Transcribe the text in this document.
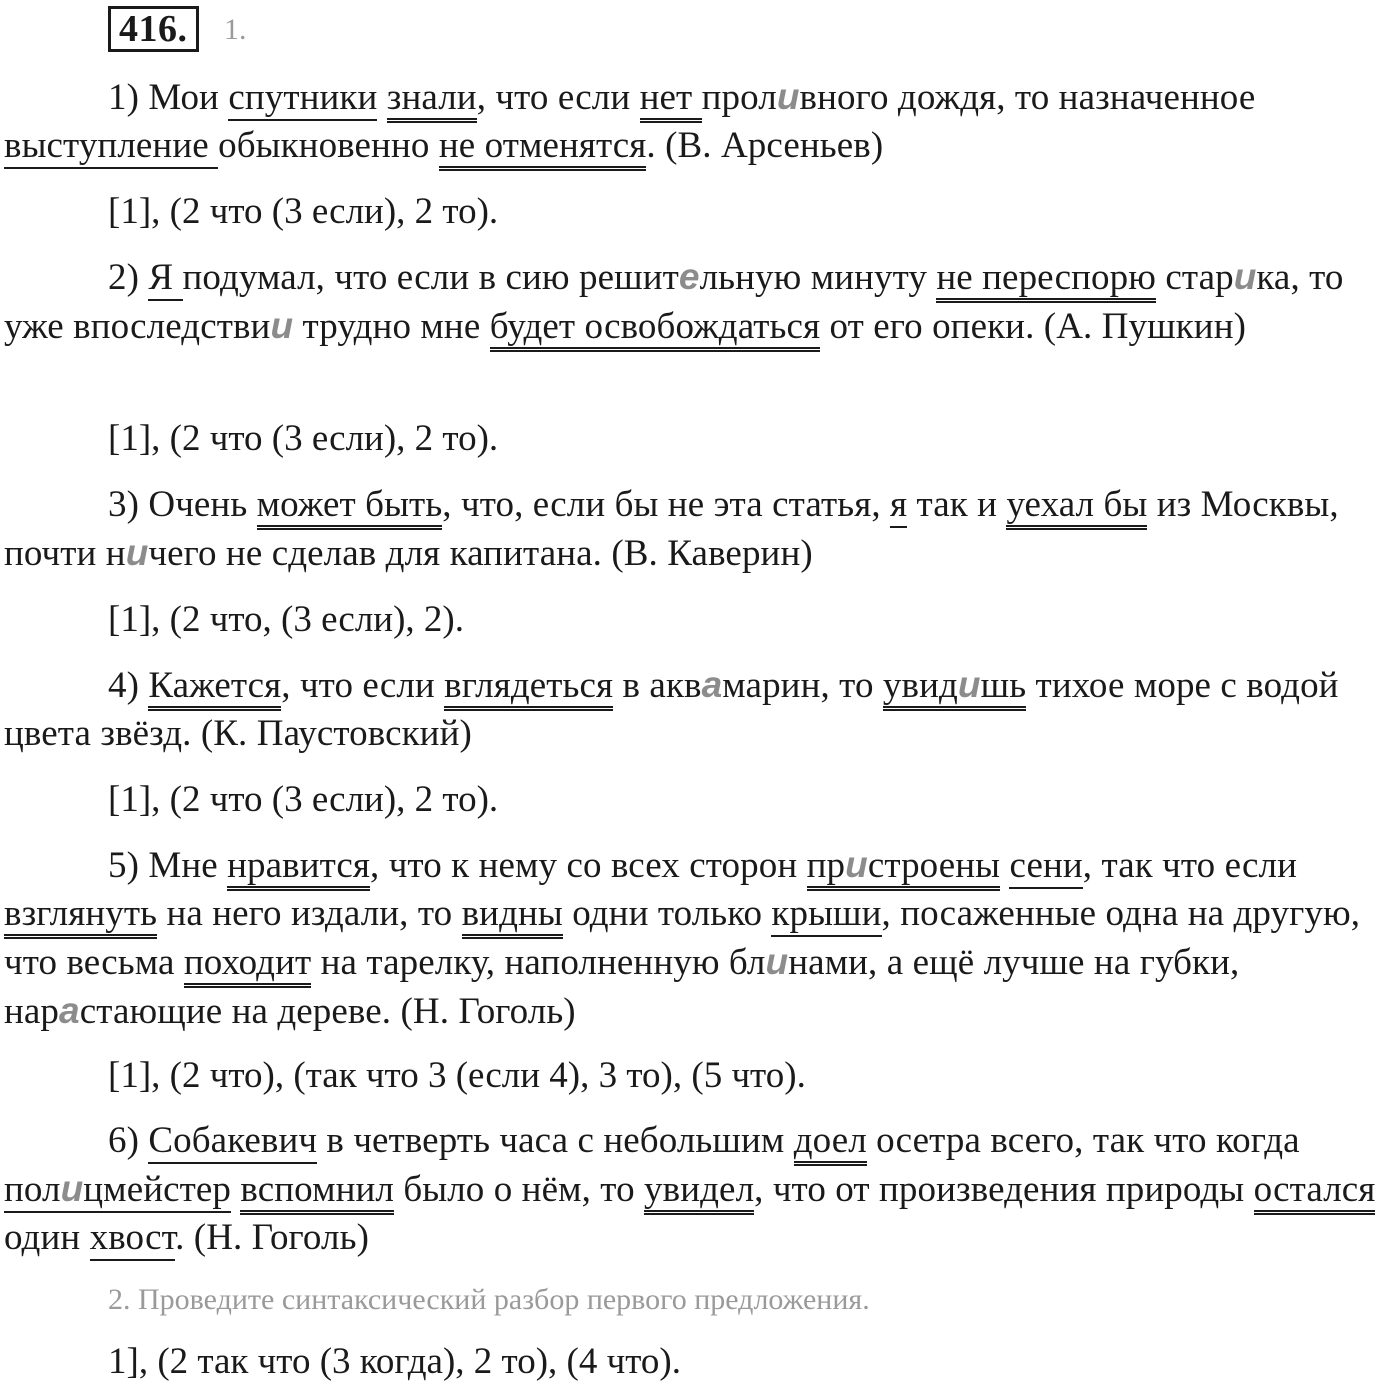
416.	1.
1) Мои спутники знали, что если нет проливного дождя, то назначенное выступление обыкновенно не отменятся. (В. Арсеньев)
[1], (2 что (3 если), 2 то).
2) Я подумал, что если в сию решительную минуту не переспорю старика, то уже впоследствии трудно мне будет освобождаться от его опеки. (А. Пушкин)
[1], (2 что (3 если), 2 то).
3) Очень может быть, что, если бы не эта статья, я так и уехал бы из Москвы, почти ничего не сделав для капитана. (В. Каверин)
[1], (2 что, (3 если), 2).
4) Кажется, что если вглядеться в аквамарин, то увидишь тихое море с водой цвета звёзд. (К. Паустовский)
[1], (2 что (3 если), 2 то).
5) Мне нравится, что к нему со всех сторон пристроены сени, так что если взглянуть на него издали, то видны одни только крыши, посаженные одна на другую, что весьма походит на тарелку, наполненную блинами, а ещё лучше на губки, нарастающие на дереве. (Н. Гоголь)
[1], (2 что), (так что 3 (если 4), 3 то), (5 что).
6) Собакевич в четверть часа с небольшим доел осетра всего, так что когда полицмейстер вспомнил было о нём, то увидел, что от произведения природы остался один хвост. (Н. Гоголь)
2. Проведите синтаксический разбор первого предложения.
1], (2 так что (3 когда), 2 то), (4 что).
